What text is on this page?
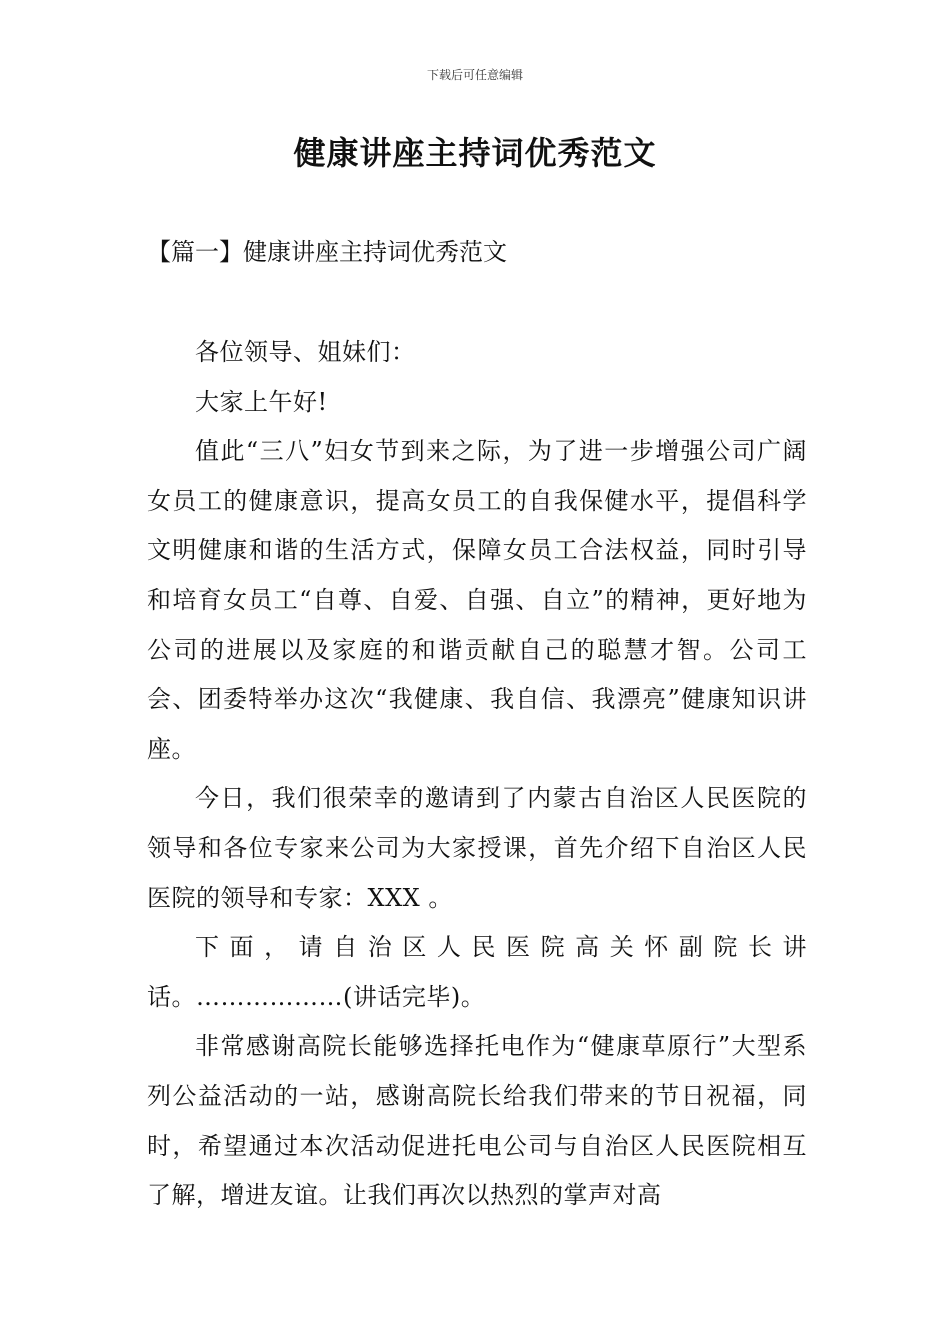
下载后可任意编辑
健康讲座主持词优秀范文
【篇一】健康讲座主持词优秀范文

各位领导、姐妹们：

大家上午好!

值此“三八”妇女节到来之际，为了进一步增强公司广阔女员工的健康意识，提高女员工的自我保健水平，提倡科学文明健康和谐的生活方式，保障女员工合法权益，同时引导和培育女员工“自尊、自爱、自强、自立”的精神，更好地为公司的进展以及家庭的和谐贡献自己的聪慧才智。公司工会、团委特举办这次“我健康、我自信、我漂亮”健康知识讲座。

今日，我们很荣幸的邀请到了内蒙古自治区人民医院的领导和各位专家来公司为大家授课，首先介绍下自治区人民医院的领导和专家：XXX 。

下面，请自治区人民医院高关怀副院长讲话。………………(讲话完毕)。

非常感谢高院长能够选择托电作为“健康草原行”大型系列公益活动的一站，感谢高院长给我们带来的节日祝福，同时，希望通过本次活动促进托电公司与自治区人民医院相互了解，增进友谊。让我们再次以热烈的掌声对高
